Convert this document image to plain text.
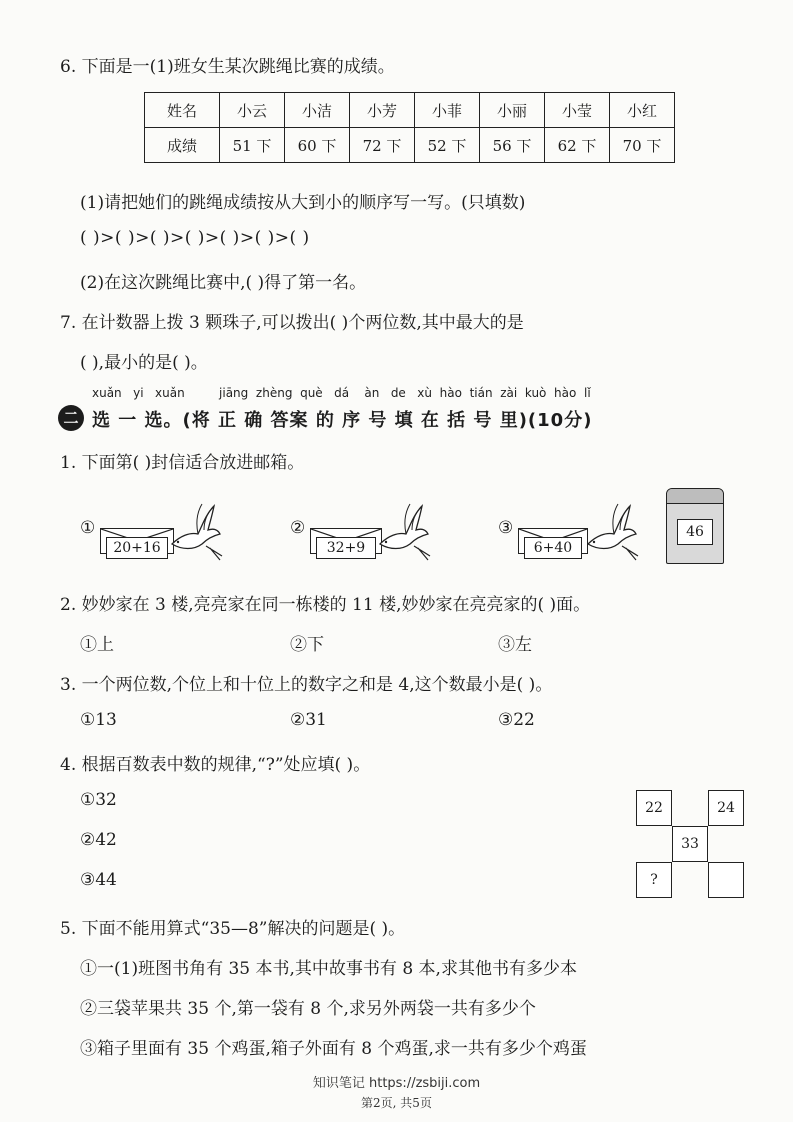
6. 下面是一(1)班女生某次跳绳比赛的成绩。
姓名	小云	小洁	小芳	小菲	小丽	小莹	小红
成绩	51 下	60 下	72 下	52 下	56 下	62 下	70 下
(1)请把她们的跳绳成绩按从大到小的顺序写一写。(只填数)
( )>( )>( )>( )>( )>( )>( )
(2)在这次跳绳比赛中,( )得了第一名。
7. 在计数器上拨 3 颗珠子,可以拨出( )个两位数,其中最大的是
( ),最小的是( )。
xuǎn yi xuǎn	jiāng zhèng què dá àn de xù hào tián zài kuò hào lǐ
二 选 一 选。(将 正 确 答案 的 序 号 填 在 括 号 里)(10分)
1. 下面第( )封信适合放进邮箱。
①
20+16
②
32+9
③
6+40
46
2. 妙妙家在 3 楼,亮亮家在同一栋楼的 11 楼,妙妙家在亮亮家的( )面。
①上	②下	③左
3. 一个两位数,个位上和十位上的数字之和是 4,这个数最小是( )。
①13	②31	③22
4. 根据百数表中数的规律,“?”处应填( )。
①32
②42
③44
22	24
33
?
5. 下面不能用算式“35—8”解决的问题是( )。
①一(1)班图书角有 35 本书,其中故事书有 8 本,求其他书有多少本
②三袋苹果共 35 个,第一袋有 8 个,求另外两袋一共有多少个
③箱子里面有 35 个鸡蛋,箱子外面有 8 个鸡蛋,求一共有多少个鸡蛋
知识笔记 https://zsbiji.com
第2页, 共5页
